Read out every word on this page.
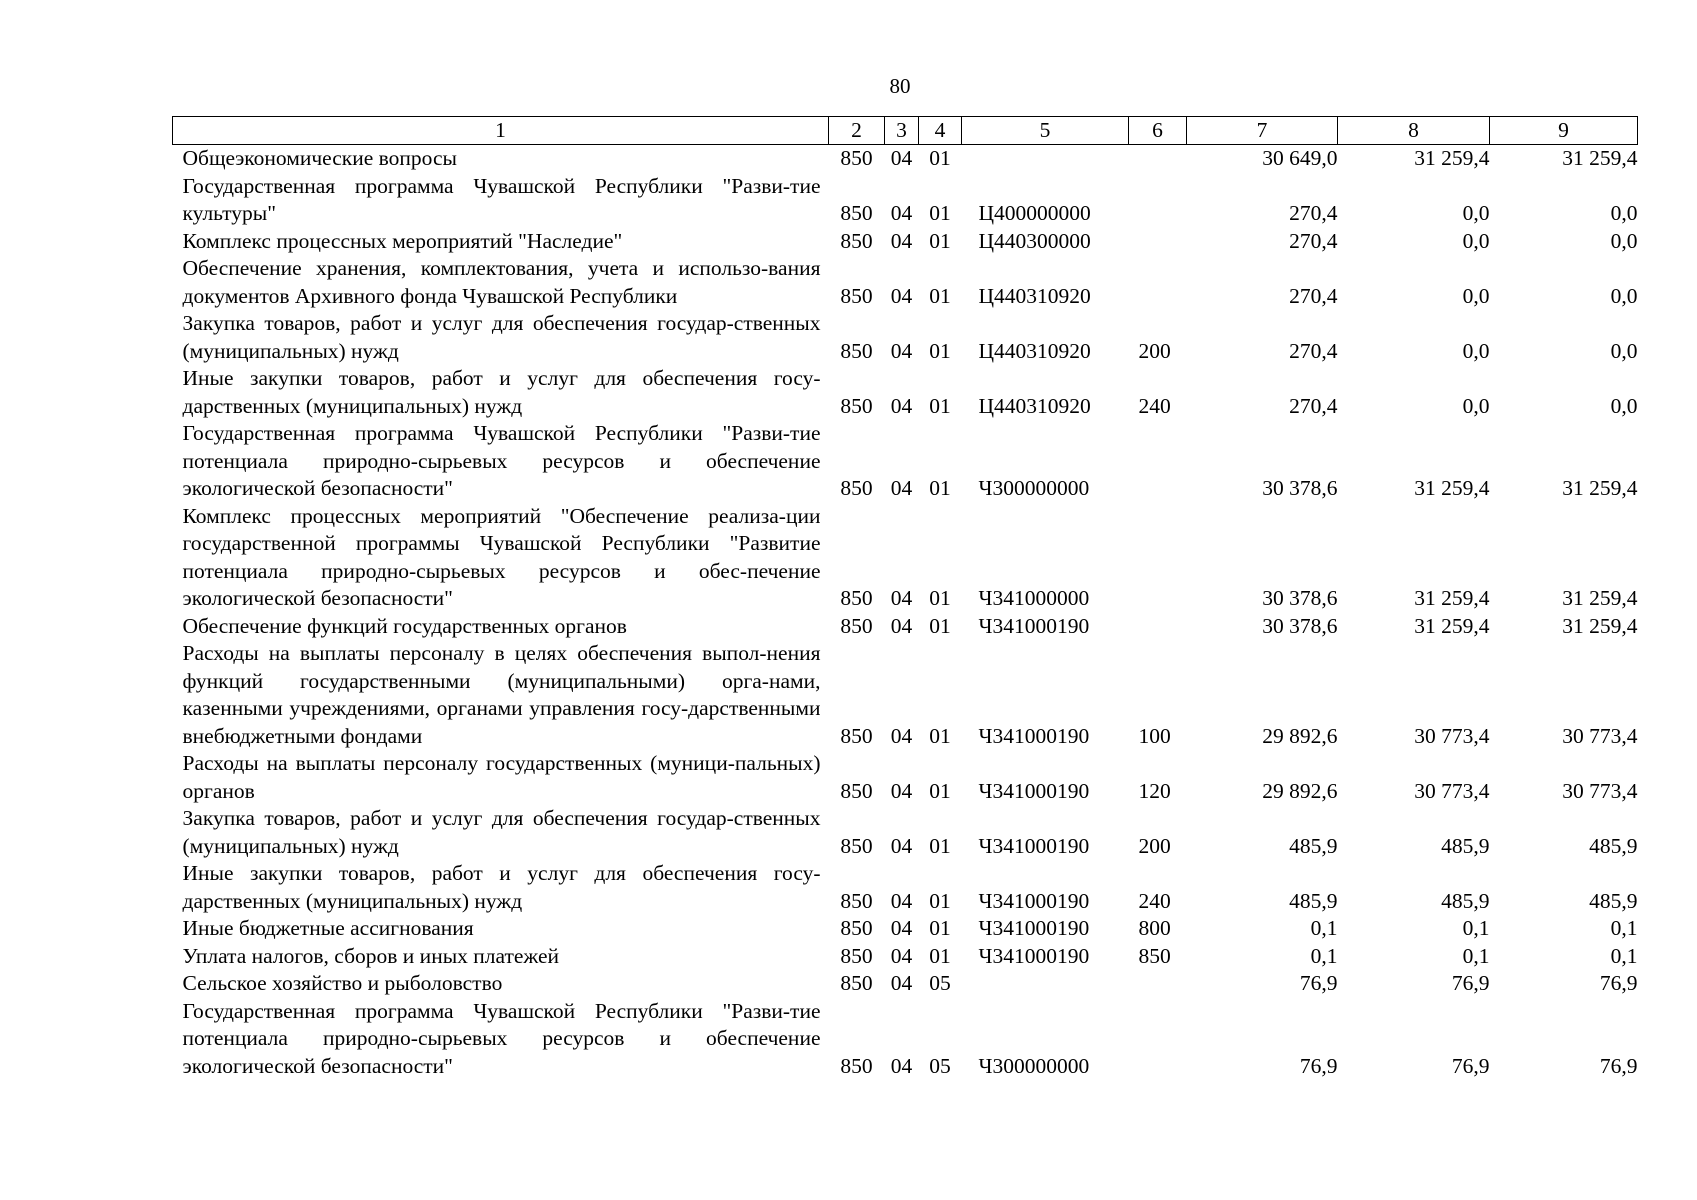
80
1	2	3	4	5	6	7	8	9
Общеэкономические вопросы	850	04	01			30 649,0	31 259,4	31 259,4
Государственная программа Чувашской Республики "Разви-тие культуры"	850	04	01	Ц400000000		270,4	0,0	0,0
Комплекс процессных мероприятий "Наследие"	850	04	01	Ц440300000		270,4	0,0	0,0
Обеспечение хранения, комплектования, учета и использо-вания документов Архивного фонда Чувашской Республики	850	04	01	Ц440310920		270,4	0,0	0,0
Закупка товаров, работ и услуг для обеспечения государ-ственных (муниципальных) нужд	850	04	01	Ц440310920	200	270,4	0,0	0,0
Иные закупки товаров, работ и услуг для обеспечения госу-дарственных (муниципальных) нужд	850	04	01	Ц440310920	240	270,4	0,0	0,0
Государственная программа Чувашской Республики "Разви-тие потенциала природно-сырьевых ресурсов и обеспечение экологической безопасности"	850	04	01	Ч300000000		30 378,6	31 259,4	31 259,4
Комплекс процессных мероприятий "Обеспечение реализа-ции государственной программы Чувашской Республики "Развитие потенциала природно-сырьевых ресурсов и обес-печение экологической безопасности"	850	04	01	Ч341000000		30 378,6	31 259,4	31 259,4
Обеспечение функций государственных органов	850	04	01	Ч341000190		30 378,6	31 259,4	31 259,4
Расходы на выплаты персоналу в целях обеспечения выпол-нения функций государственными (муниципальными) орга-нами, казенными учреждениями, органами управления госу-дарственными внебюджетными фондами	850	04	01	Ч341000190	100	29 892,6	30 773,4	30 773,4
Расходы на выплаты персоналу государственных (муници-пальных) органов	850	04	01	Ч341000190	120	29 892,6	30 773,4	30 773,4
Закупка товаров, работ и услуг для обеспечения государ-ственных (муниципальных) нужд	850	04	01	Ч341000190	200	485,9	485,9	485,9
Иные закупки товаров, работ и услуг для обеспечения госу-дарственных (муниципальных) нужд	850	04	01	Ч341000190	240	485,9	485,9	485,9
Иные бюджетные ассигнования	850	04	01	Ч341000190	800	0,1	0,1	0,1
Уплата налогов, сборов и иных платежей	850	04	01	Ч341000190	850	0,1	0,1	0,1
Сельское хозяйство и рыболовство	850	04	05			76,9	76,9	76,9
Государственная программа Чувашской Республики "Разви-тие потенциала природно-сырьевых ресурсов и обеспечение экологической безопасности"	850	04	05	Ч300000000		76,9	76,9	76,9
